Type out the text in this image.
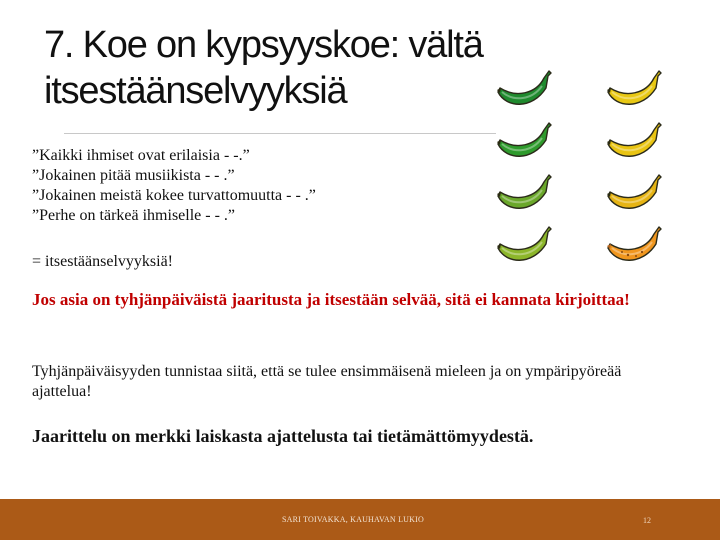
7. Koe on kypsyyskoe: vältä itsestäänselvyyksiä
”Kaikki ihmiset ovat erilaisia - -.”
”Jokainen pitää musiikista - - .”
”Jokainen meistä kokee turvattomuutta - - .”
”Perhe on tärkeä ihmiselle - - .”
= itsestäänselvyyksiä!
Jos asia on tyhjänpäiväistä jaaritusta ja itsestään selvää, sitä ei kannata kirjoittaa!
Tyhjänpäiväisyyden tunnistaa siitä, että se tulee ensimmäisenä mieleen ja on ympäripyöreää ajattelua!
Jaarittelu on merkki laiskasta ajattelusta tai tietämättömyydestä.
SARI TOIVAKKA, KAUHAVAN LUKIO	12
